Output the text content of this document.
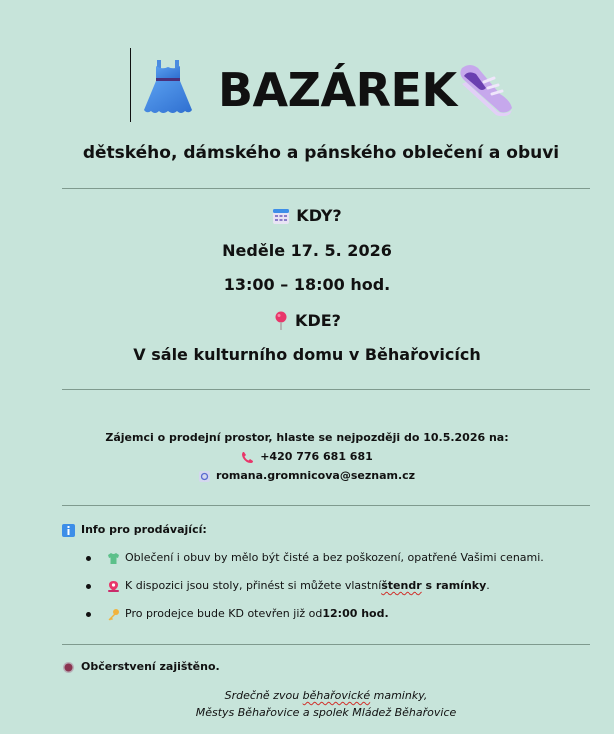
BAZÁREK
dětského, dámského a pánského oblečení a obuvi
KDY?
Neděle 17. 5. 2026
13:00 – 18:00 hod.
KDE?
V sále kulturního domu v Běhařovicích
Zájemci o prodejní prostor, hlaste se nejpozději do 10.5.2026 na:
+420 776 681 681
romana.gromnicova@seznam.cz
Info pro prodávající:
Oblečení i obuv by mělo být čisté a bez poškození, opatřené Vašimi cenami.
K dispozici jsou stoly, přinést si můžete vlastní štendr s ramínky .
Pro prodejce bude KD otevřen již od 12:00 hod.
Občerstvení zajištěno.
Srdečně zvou běhařovické maminky,
Městys Běhařovice a spolek Mládež Běhařovice
